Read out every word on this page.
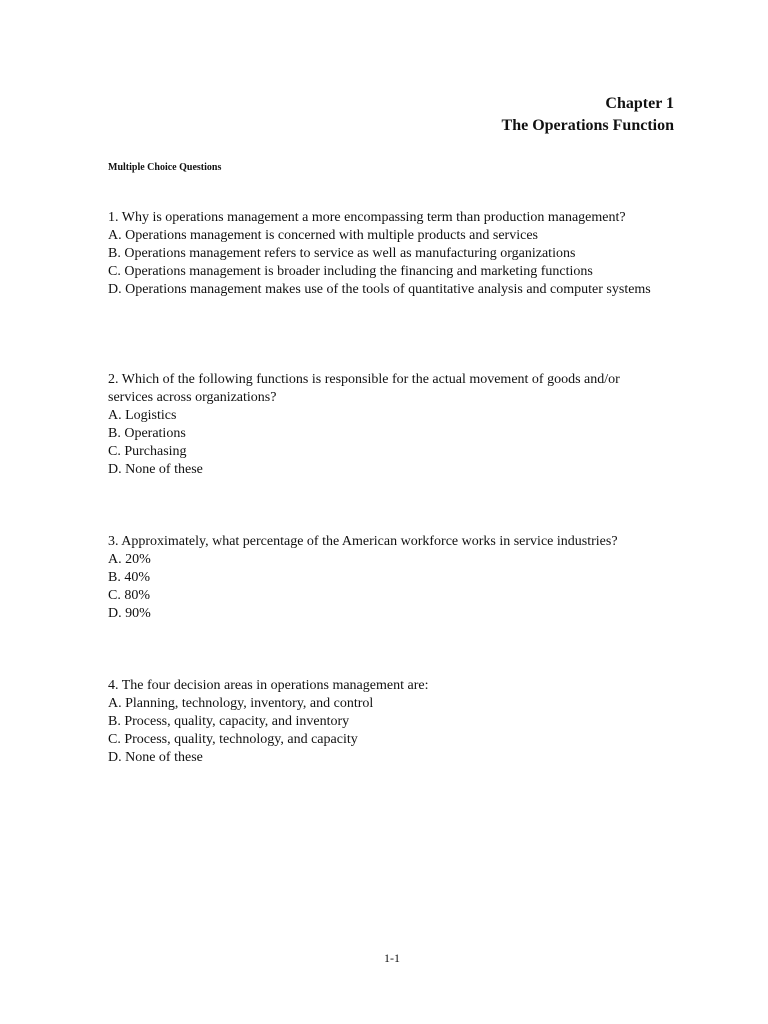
Chapter 1
The Operations Function
Multiple Choice Questions
1. Why is operations management a more encompassing term than production management?
A. Operations management is concerned with multiple products and services
B. Operations management refers to service as well as manufacturing organizations
C. Operations management is broader including the financing and marketing functions
D. Operations management makes use of the tools of quantitative analysis and computer systems
2. Which of the following functions is responsible for the actual movement of goods and/or services across organizations?
A. Logistics
B. Operations
C. Purchasing
D. None of these
3. Approximately, what percentage of the American workforce works in service industries?
A. 20%
B. 40%
C. 80%
D. 90%
4. The four decision areas in operations management are:
A. Planning, technology, inventory, and control
B. Process, quality, capacity, and inventory
C. Process, quality, technology, and capacity
D. None of these
1-1
